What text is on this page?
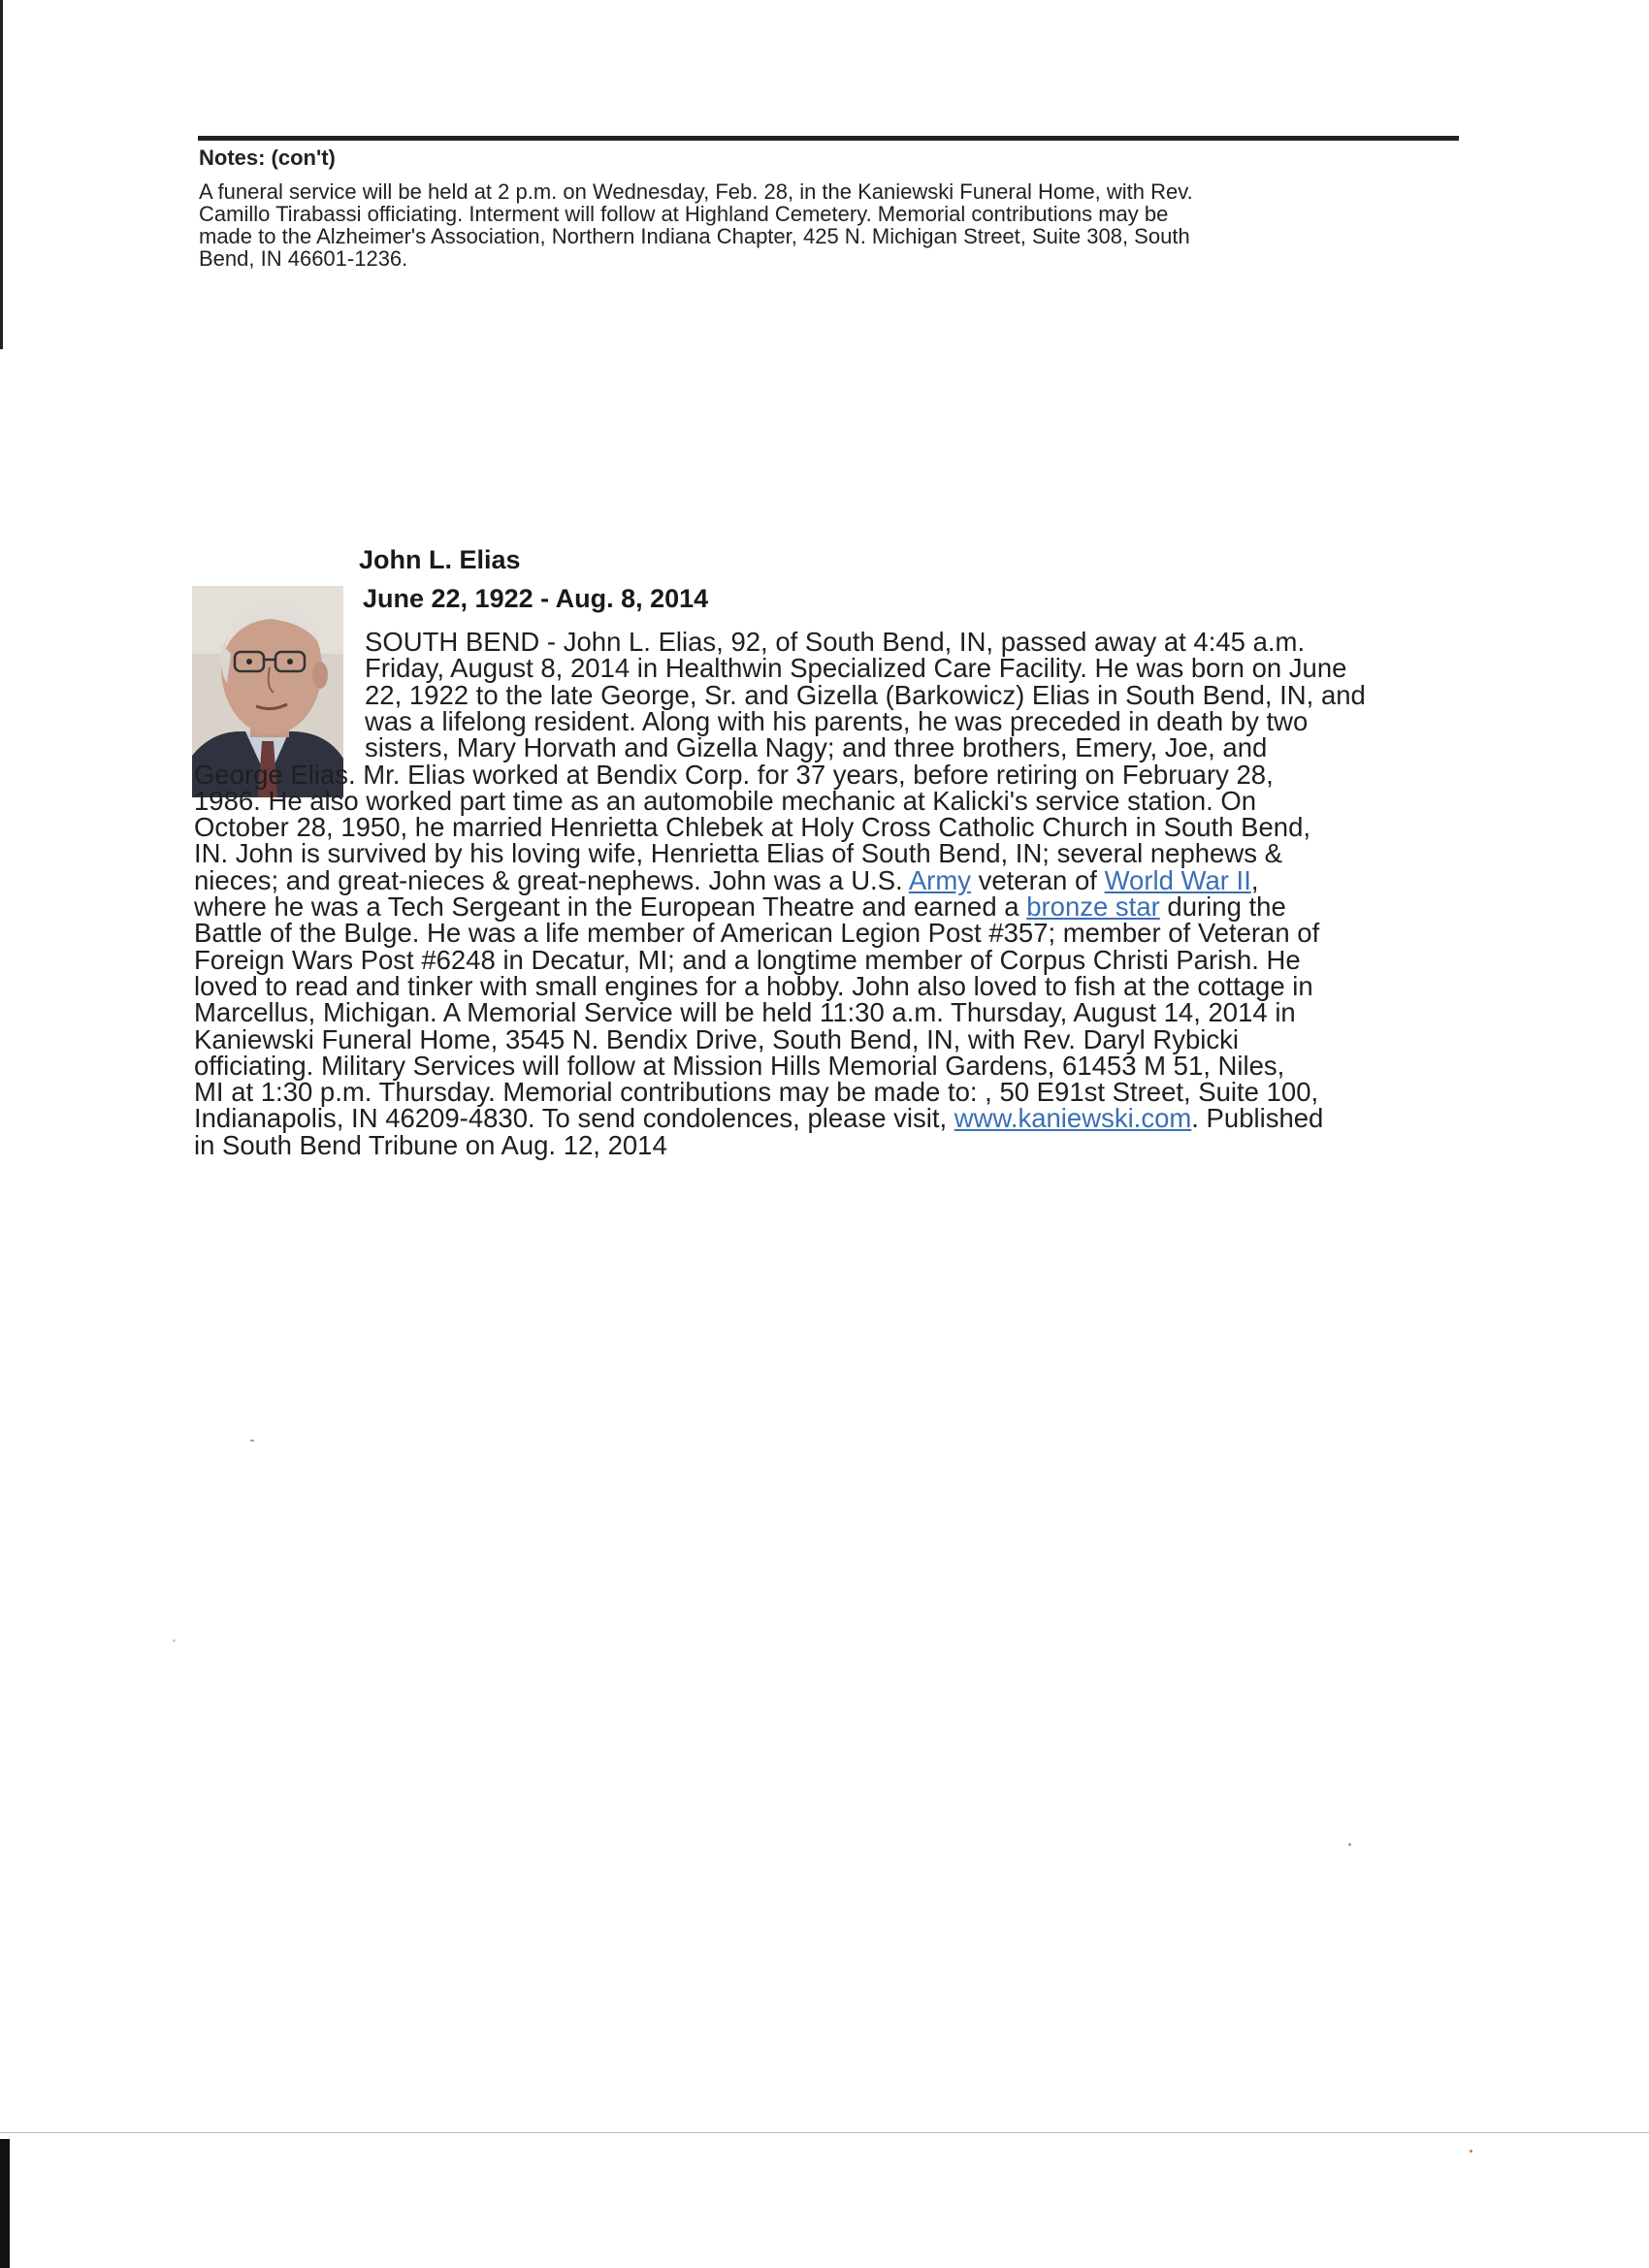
Notes: (con't)
A funeral service will be held at 2 p.m. on Wednesday, Feb. 28, in the Kaniewski Funeral Home, with Rev.
Camillo Tirabassi officiating. Interment will follow at Highland Cemetery. Memorial contributions may be
made to the Alzheimer's Association, Northern Indiana Chapter, 425 N. Michigan Street, Suite 308, South
Bend, IN 46601-1236.
John L. Elias
June 22, 1922 - Aug. 8, 2014
SOUTH BEND - John L. Elias, 92, of South Bend, IN, passed away at 4:45 a.m.
Friday, August 8, 2014 in Healthwin Specialized Care Facility. He was born on June
22, 1922 to the late George, Sr. and Gizella (Barkowicz) Elias in South Bend, IN, and
was a lifelong resident. Along with his parents, he was preceded in death by two
sisters, Mary Horvath and Gizella Nagy; and three brothers, Emery, Joe, and
George Elias. Mr. Elias worked at Bendix Corp. for 37 years, before retiring on February 28,
1986. He also worked part time as an automobile mechanic at Kalicki's service station. On
October 28, 1950, he married Henrietta Chlebek at Holy Cross Catholic Church in South Bend,
IN. John is survived by his loving wife, Henrietta Elias of South Bend, IN; several nephews &
nieces; and great-nieces & great-nephews. John was a U.S. Army veteran of World War II,
where he was a Tech Sergeant in the European Theatre and earned a bronze star during the
Battle of the Bulge. He was a life member of American Legion Post #357; member of Veteran of
Foreign Wars Post #6248 in Decatur, MI; and a longtime member of Corpus Christi Parish. He
loved to read and tinker with small engines for a hobby. John also loved to fish at the cottage in
Marcellus, Michigan. A Memorial Service will be held 11:30 a.m. Thursday, August 14, 2014 in
Kaniewski Funeral Home, 3545 N. Bendix Drive, South Bend, IN, with Rev. Daryl Rybicki
officiating. Military Services will follow at Mission Hills Memorial Gardens, 61453 M 51, Niles,
MI at 1:30 p.m. Thursday. Memorial contributions may be made to: , 50 E91st Street, Suite 100,
Indianapolis, IN 46209-4830. To send condolences, please visit, www.kaniewski.com. Published
in South Bend Tribune on Aug. 12, 2014
